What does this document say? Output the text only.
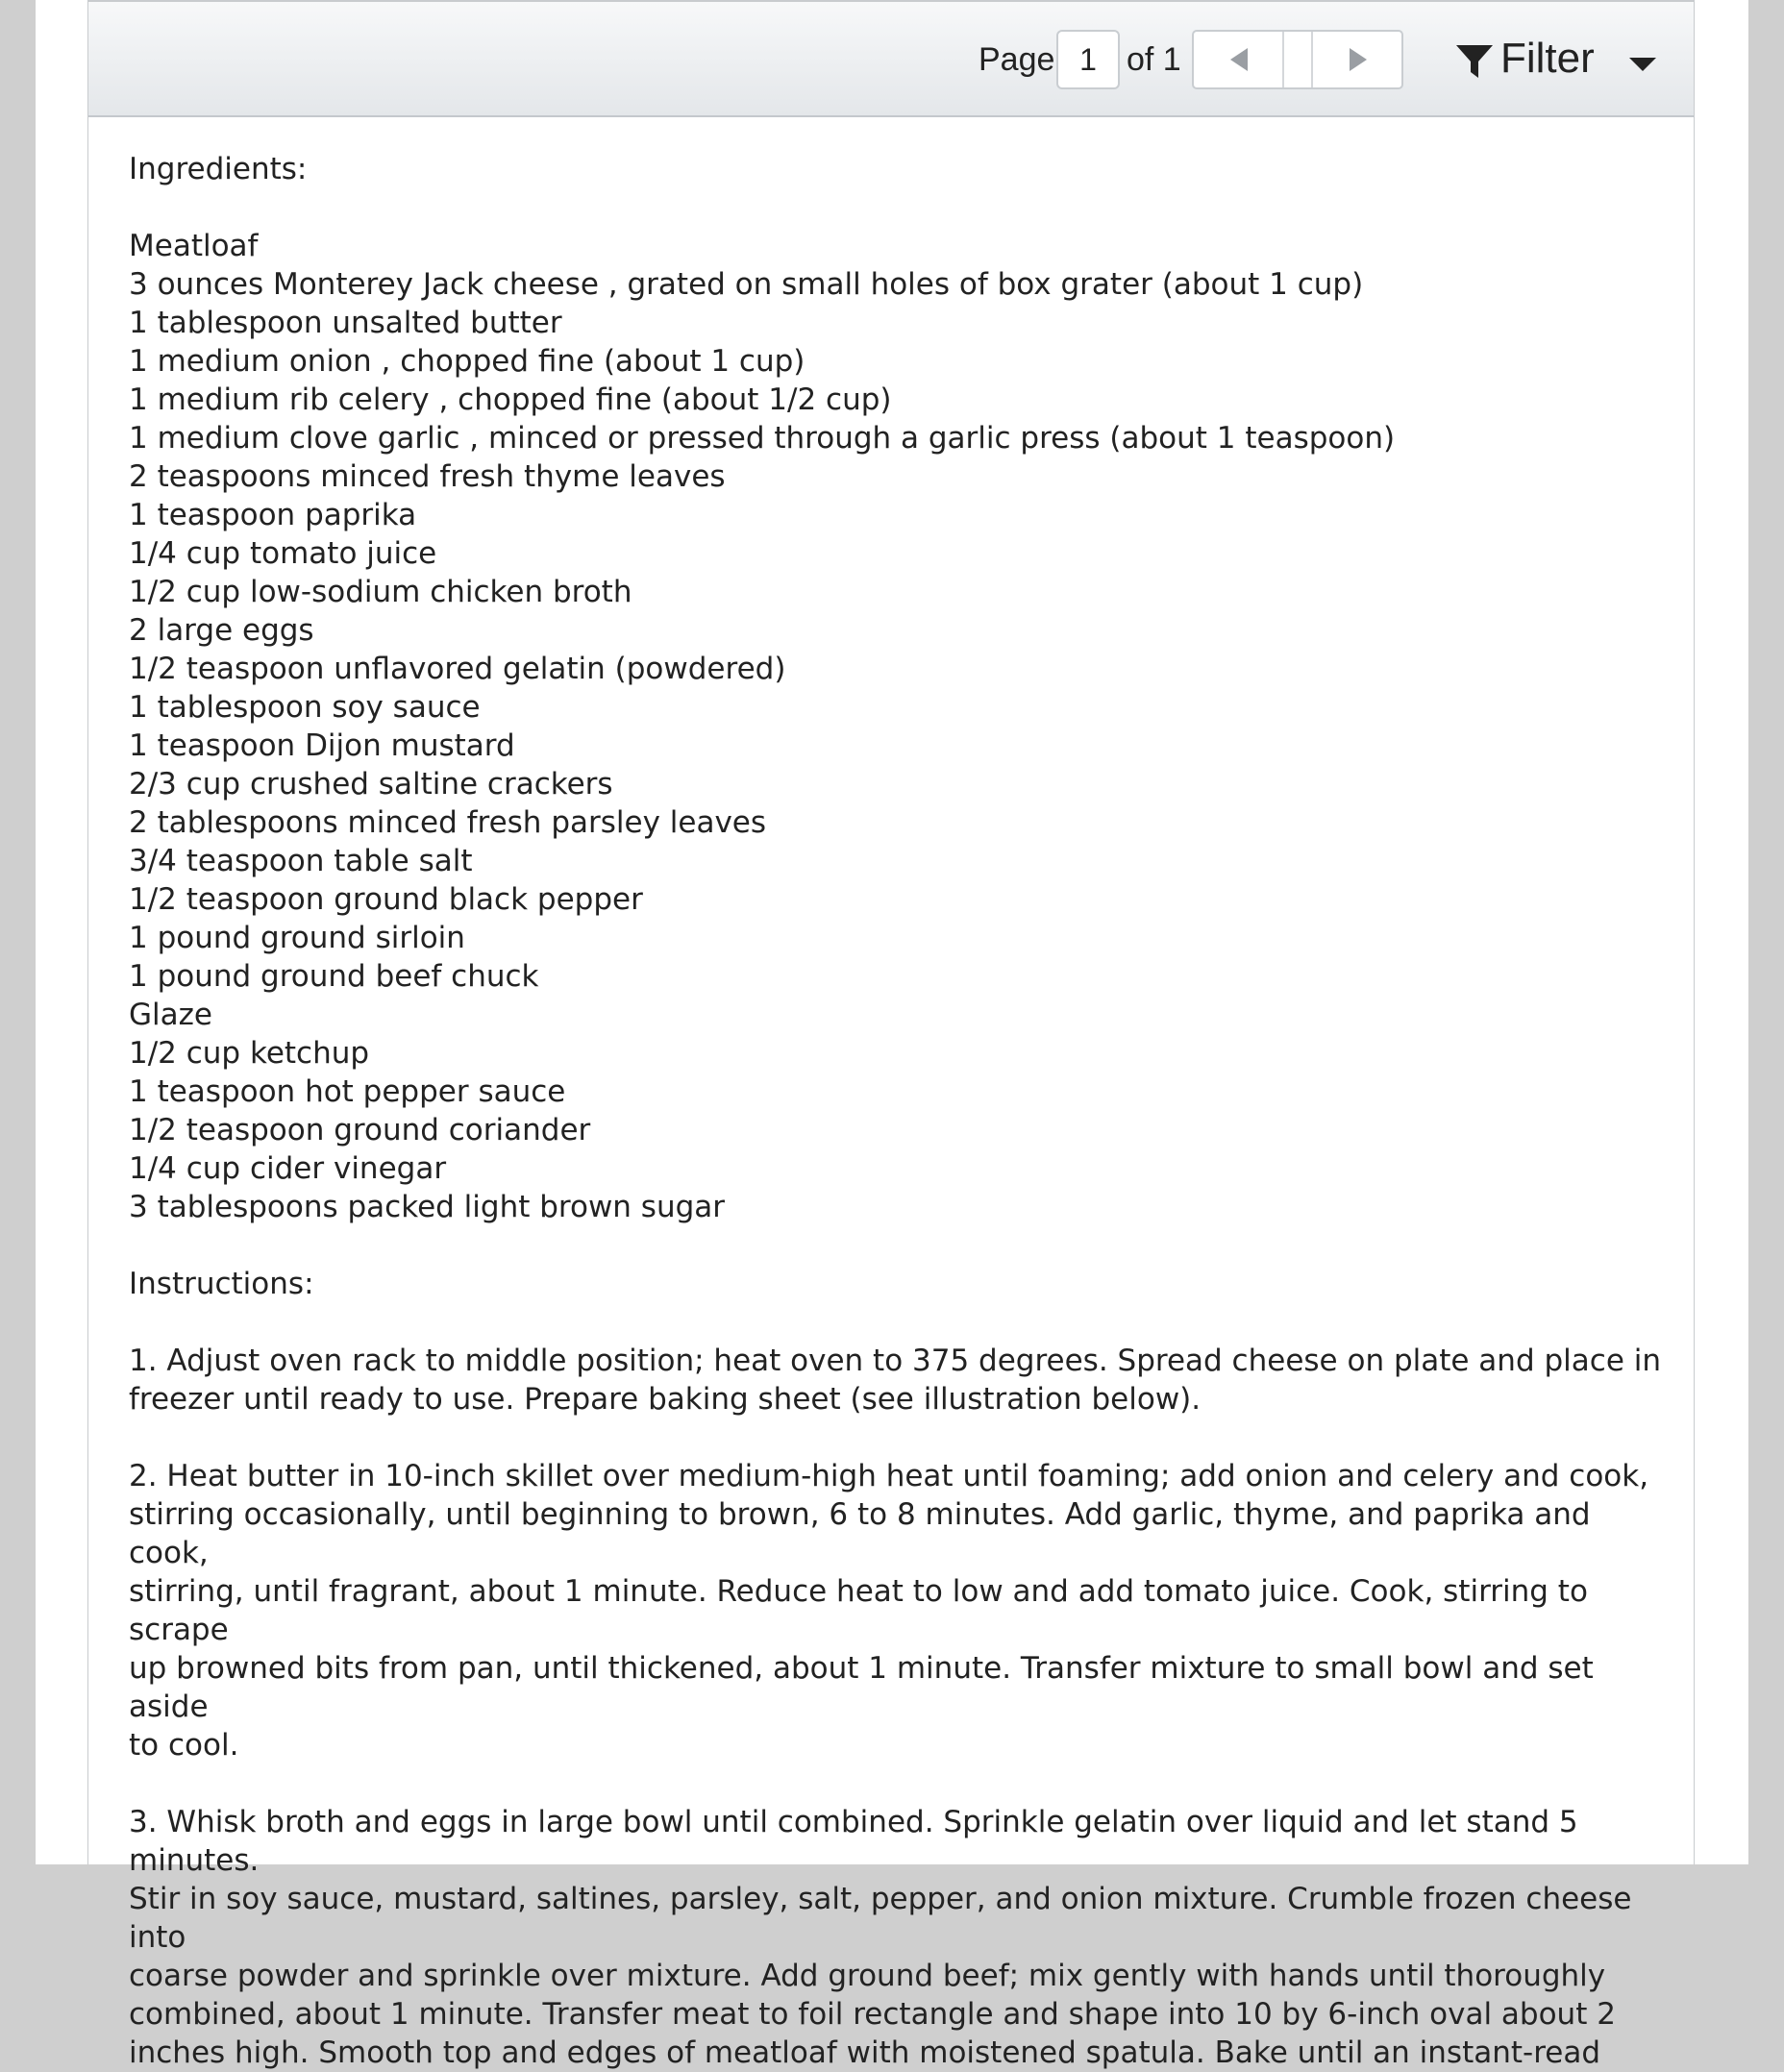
Page 1 of 1	Filter

Ingredients:

Meatloaf

3 ounces Monterey Jack cheese , grated on small holes of box grater (about 1 cup)

1 tablespoon unsalted butter

1 medium onion , chopped fine (about 1 cup)

1 medium rib celery , chopped fine (about 1/2 cup)

1 medium clove garlic , minced or pressed through a garlic press (about 1 teaspoon)

2 teaspoons minced fresh thyme leaves

1 teaspoon paprika

1/4 cup tomato juice

1/2 cup low-sodium chicken broth

2 large eggs

1/2 teaspoon unflavored gelatin (powdered)

1 tablespoon soy sauce

1 teaspoon Dijon mustard

2/3 cup crushed saltine crackers

2 tablespoons minced fresh parsley leaves

3/4 teaspoon table salt

1/2 teaspoon ground black pepper

1 pound ground sirloin

1 pound ground beef chuck

Glaze

1/2 cup ketchup

1 teaspoon hot pepper sauce

1/2 teaspoon ground coriander

1/4 cup cider vinegar

3 tablespoons packed light brown sugar

Instructions:

1. Adjust oven rack to middle position; heat oven to 375 degrees. Spread cheese on plate and place in

freezer until ready to use. Prepare baking sheet (see illustration below).

2. Heat butter in 10-inch skillet over medium-high heat until foaming; add onion and celery and cook,

stirring occasionally, until beginning to brown, 6 to 8 minutes. Add garlic, thyme, and paprika and cook,

stirring, until fragrant, about 1 minute. Reduce heat to low and add tomato juice. Cook, stirring to scrape

up browned bits from pan, until thickened, about 1 minute. Transfer mixture to small bowl and set aside

to cool.

3. Whisk broth and eggs in large bowl until combined. Sprinkle gelatin over liquid and let stand 5 minutes.

Stir in soy sauce, mustard, saltines, parsley, salt, pepper, and onion mixture. Crumble frozen cheese into

coarse powder and sprinkle over mixture. Add ground beef; mix gently with hands until thoroughly

combined, about 1 minute. Transfer meat to foil rectangle and shape into 10 by 6-inch oval about 2

inches high. Smooth top and edges of meatloaf with moistened spatula. Bake until an instant-read
